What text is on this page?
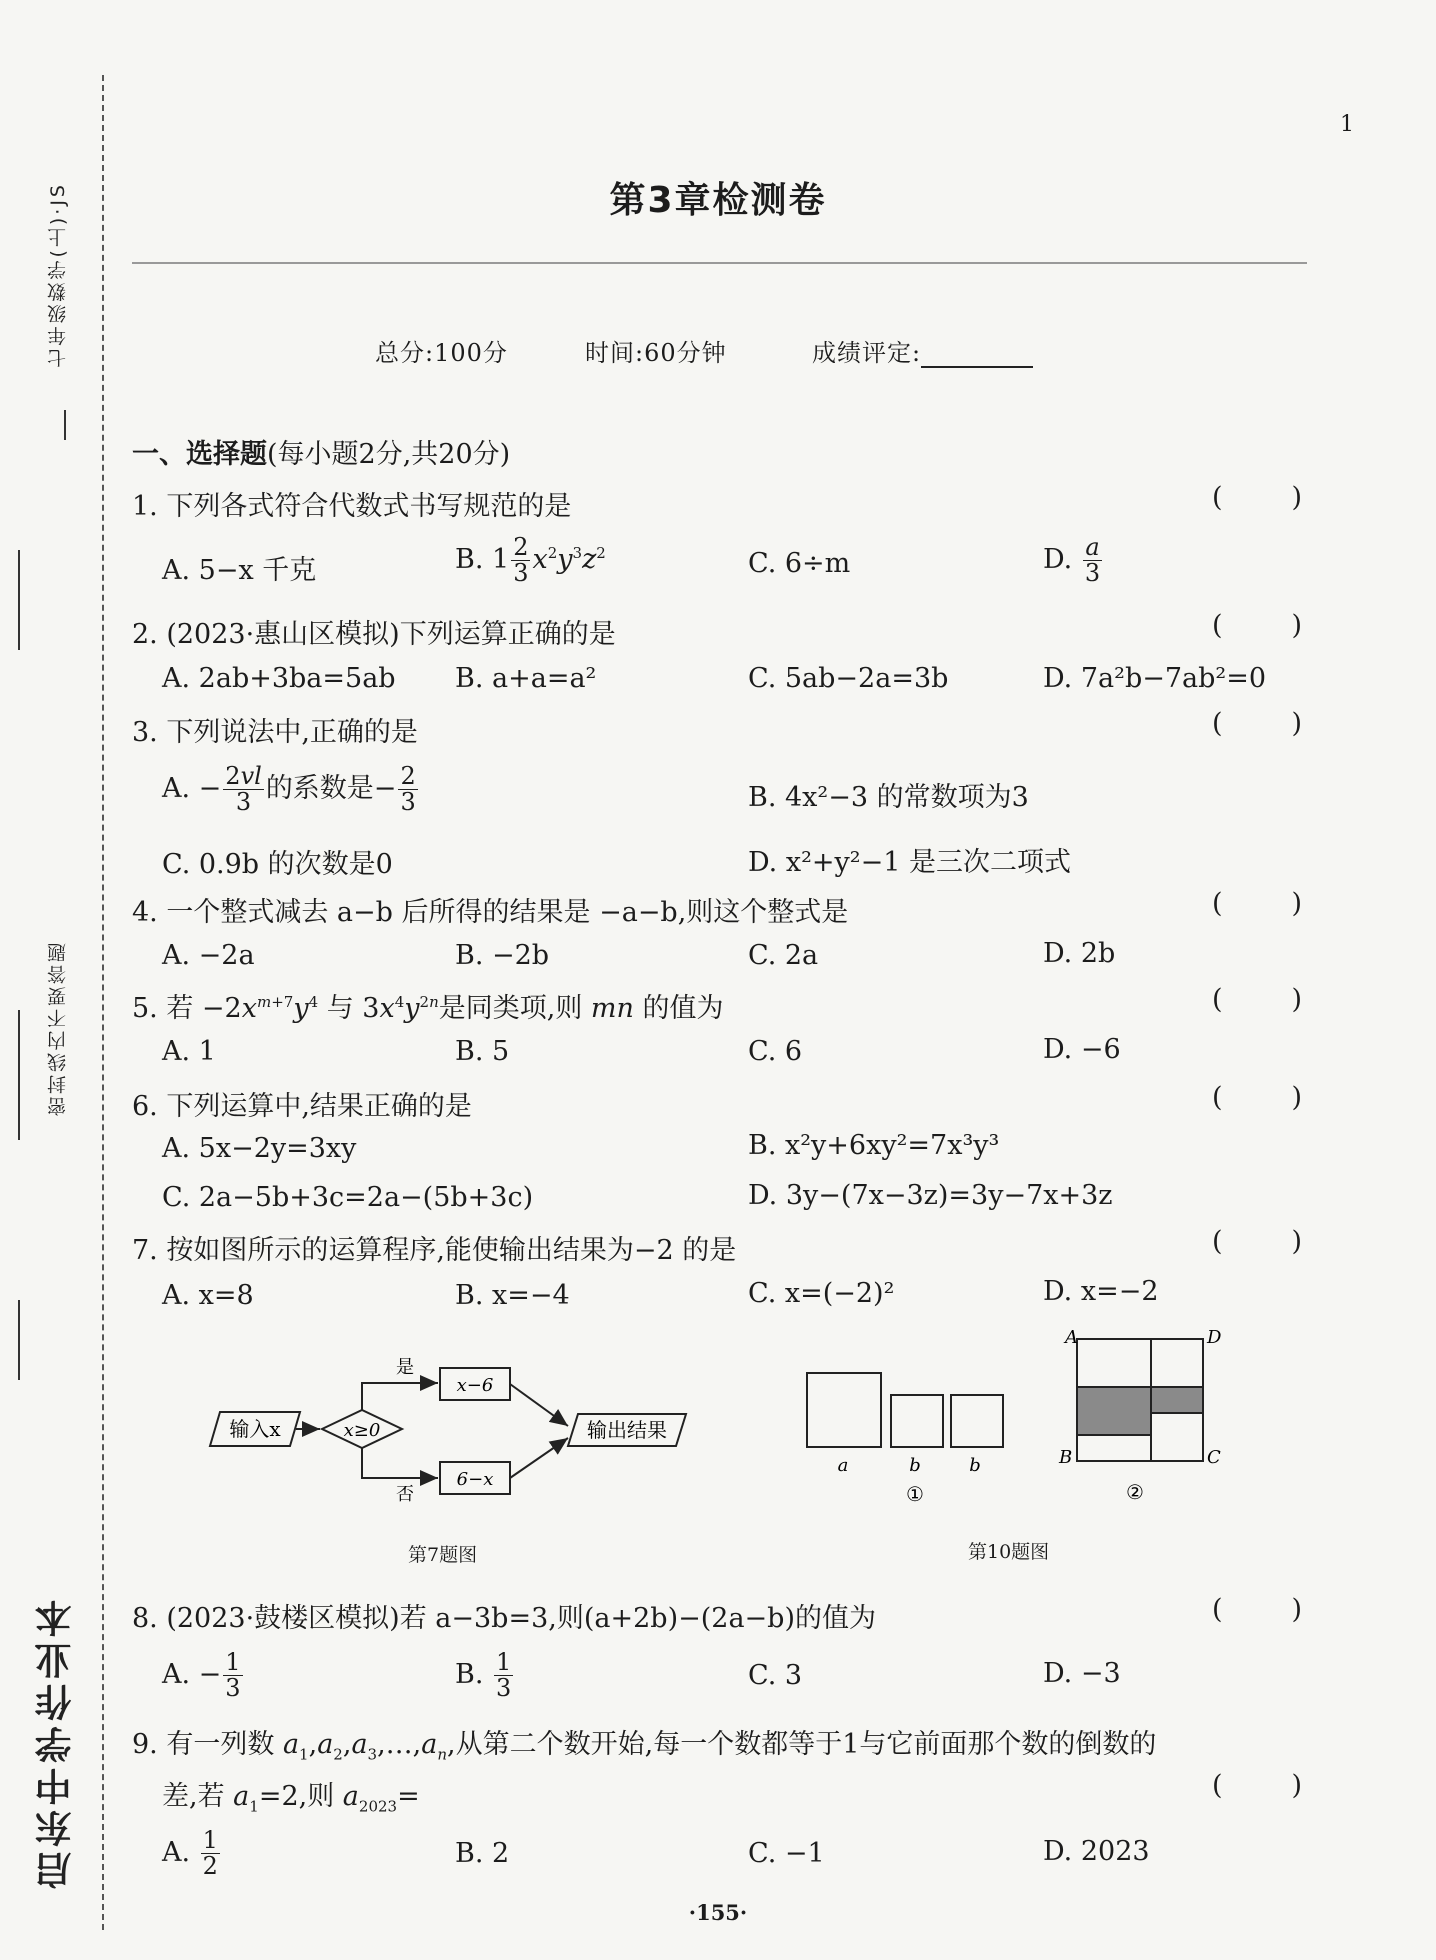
七年级数学(上)·JS
密封线内不要答题
启东中学作业本
1
第3章检测卷
总分:100分	时间:60分钟	成绩评定:
一、选择题(每小题2分,共20分)
1. 下列各式符合代数式书写规范的是	(	)
A. 5−x 千克	B. $1 \frac{2}{3} x^2y^3z^2$	C. 6÷m	D. $\frac{a}{3}$
2. (2023·惠山区模拟)下列运算正确的是	(	)
A. 2ab+3ba=5ab B. a+a=a²	C. 5ab−2a=3b	D. 7a²b−7ab²=0
3. 下列说法中,正确的是	(	)
A. − $\frac{2vl}{3}$ 的系数是− $\frac{2}{3}$	B. 4x²−3 的常数项为3
C. 0.9b 的次数是0	D. x²+y²−1 是三次二项式
4. 一个整式减去 a−b 后所得的结果是 −a−b,则这个整式是	(	)
A. −2a	B. −2b	C. 2a	D. 2b
5. 若 $-2x^{m+7}y^4$ 与 $3x^4y^{2n}$是同类项,则 mn 的值为	(	)
A. 1	B. 5	C. 6	D. −6
6. 下列运算中,结果正确的是	(	)
A. 5x−2y=3xy	B. x²y+6xy²=7x³y³
C. 2a−5b+3c=2a−(5b+3c)	D. 3y−(7x−3z)=3y−7x+3z
7. 按如图所示的运算程序,能使输出结果为−2 的是	(	)
A. x=8	B. x=−4	C. x=(−2)²	D. x=−2
输入x	x≥0
是
否
x−6
6−x
输出结果
第7题图
a	b	b
①
A	D
B	C
②
第10题图
8. (2023·鼓楼区模拟)若 a−3b=3,则(a+2b)−(2a−b)的值为	(	)
A. − $\frac{1}{3}$	B. $\frac{1}{3}$	C. 3	D. −3
9. 有一列数 $a_1,a_2,a_3,\dots,a_n$,从第二个数开始,每一个数都等于1与它前面那个数的倒数的
差,若 $a_1=2$,则 $a_{2023}=$	(	)
A. $\frac{1}{2}$	B. 2	C. −1	D. 2023
·155·
